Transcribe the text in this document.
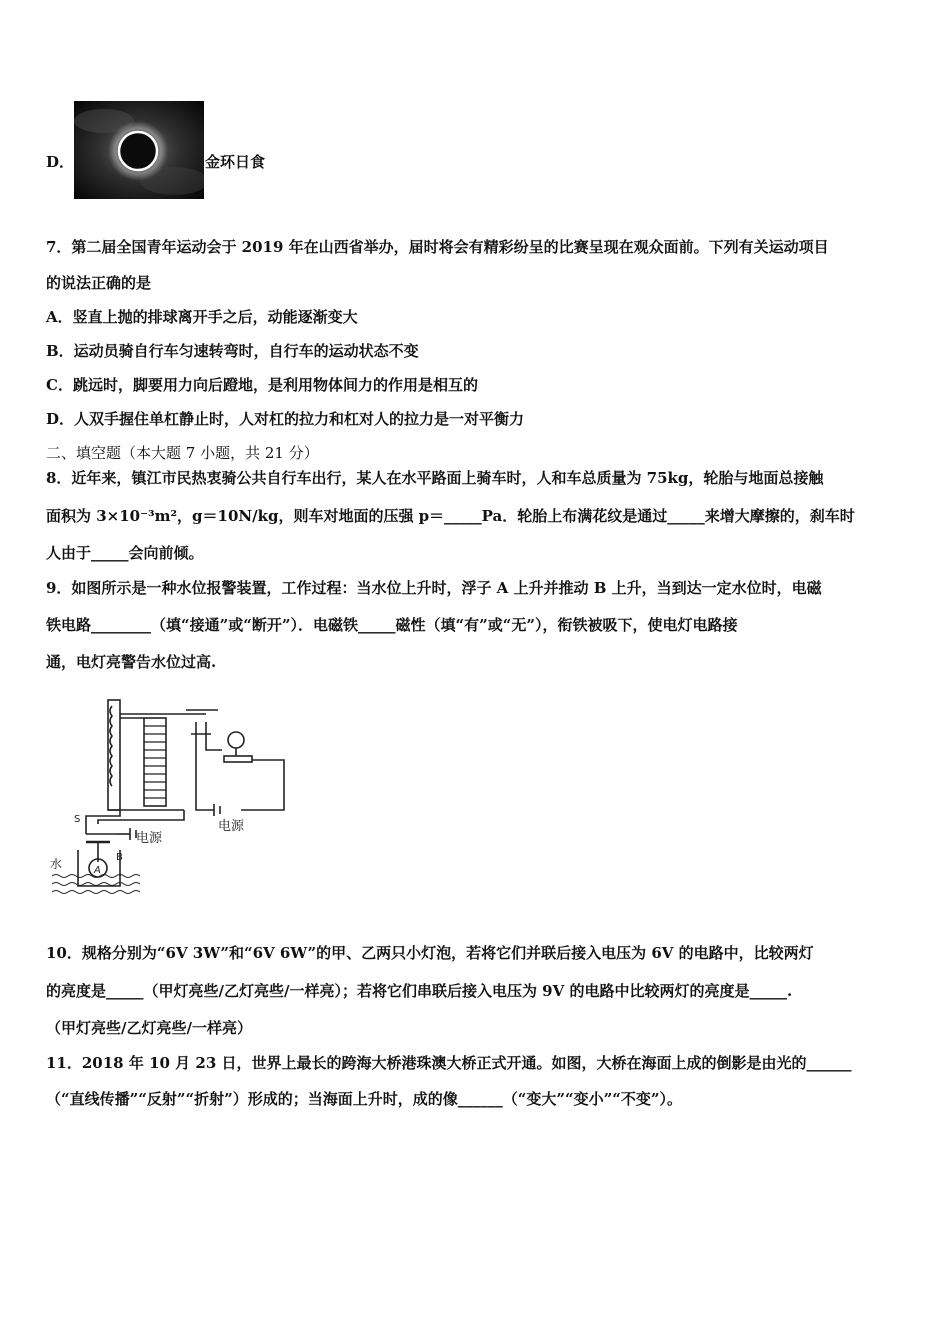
D．	金环日食
7．第二届全国青年运动会于 2019 年在山西省举办，届时将会有精彩纷呈的比赛呈现在观众面前。下列有关运动项目
的说法正确的是
A．竖直上抛的排球离开手之后，动能逐渐变大
B．运动员骑自行车匀速转弯时，自行车的运动状态不变
C．跳远时，脚要用力向后蹬地，是利用物体间力的作用是相互的
D．人双手握住单杠静止时，人对杠的拉力和杠对人的拉力是一对平衡力
二、填空题（本大题 7 小题，共 21 分）
8．近年来，镇江市民热衷骑公共自行车出行，某人在水平路面上骑车时，人和车总质量为 75kg，轮胎与地面总接触
面积为 3×10⁻³m²，g＝10N/kg，则车对地面的压强 p＝_____Pa．轮胎上布满花纹是通过_____来增大摩擦的，刹车时
人由于_____会向前倾。
9．如图所示是一种水位报警装置，工作过程：当水位上升时，浮子 A 上升并推动 B 上升，当到达一定水位时，电磁
铁电路________（填“接通”或“断开”）．电磁铁_____磁性（填“有”或“无”），衔铁被吸下，使电灯电路接
通，电灯亮警告水位过高.
电源
电源
S
A
B
水
10．规格分别为“6V 3W”和“6V 6W”的甲、乙两只小灯泡，若将它们并联后接入电压为 6V 的电路中，比较两灯
的亮度是_____（甲灯亮些/乙灯亮些/一样亮）；若将它们串联后接入电压为 9V 的电路中比较两灯的亮度是_____.
（甲灯亮些/乙灯亮些/一样亮）
11．2018 年 10 月 23 日，世界上最长的跨海大桥港珠澳大桥正式开通。如图，大桥在海面上成的倒影是由光的______
（“直线传播”“反射”“折射”）形成的；当海面上升时，成的像______（“变大”“变小”“不变”）。
